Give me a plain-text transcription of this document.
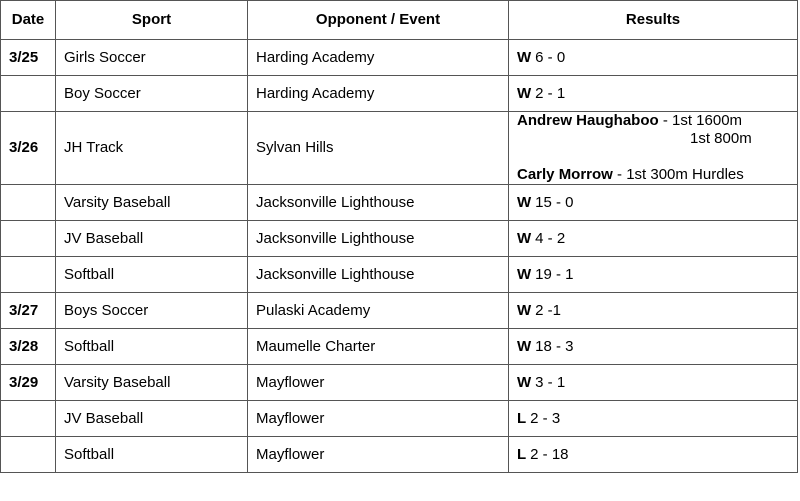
Date	Sport	Opponent / Event	Results
3/25	Girls Soccer	Harding Academy	W 6 - 0
	Boy Soccer	Harding Academy	W 2 - 1
3/26	JH Track	Sylvan Hills	Andrew Haughaboo - 1st 1600m
1st 800m
Carly Morrow - 1st 300m Hurdles

	Varsity Baseball	Jacksonville Lighthouse	W 15 - 0
	JV Baseball	Jacksonville Lighthouse	W 4 - 2
	Softball	Jacksonville Lighthouse	W 19 - 1
3/27	Boys Soccer	Pulaski Academy	W 2 -1
3/28	Softball	Maumelle Charter	W 18 - 3
3/29	Varsity Baseball	Mayflower	W 3 - 1
	JV Baseball	Mayflower	L 2 - 3
	Softball	Mayflower	L 2 - 18
